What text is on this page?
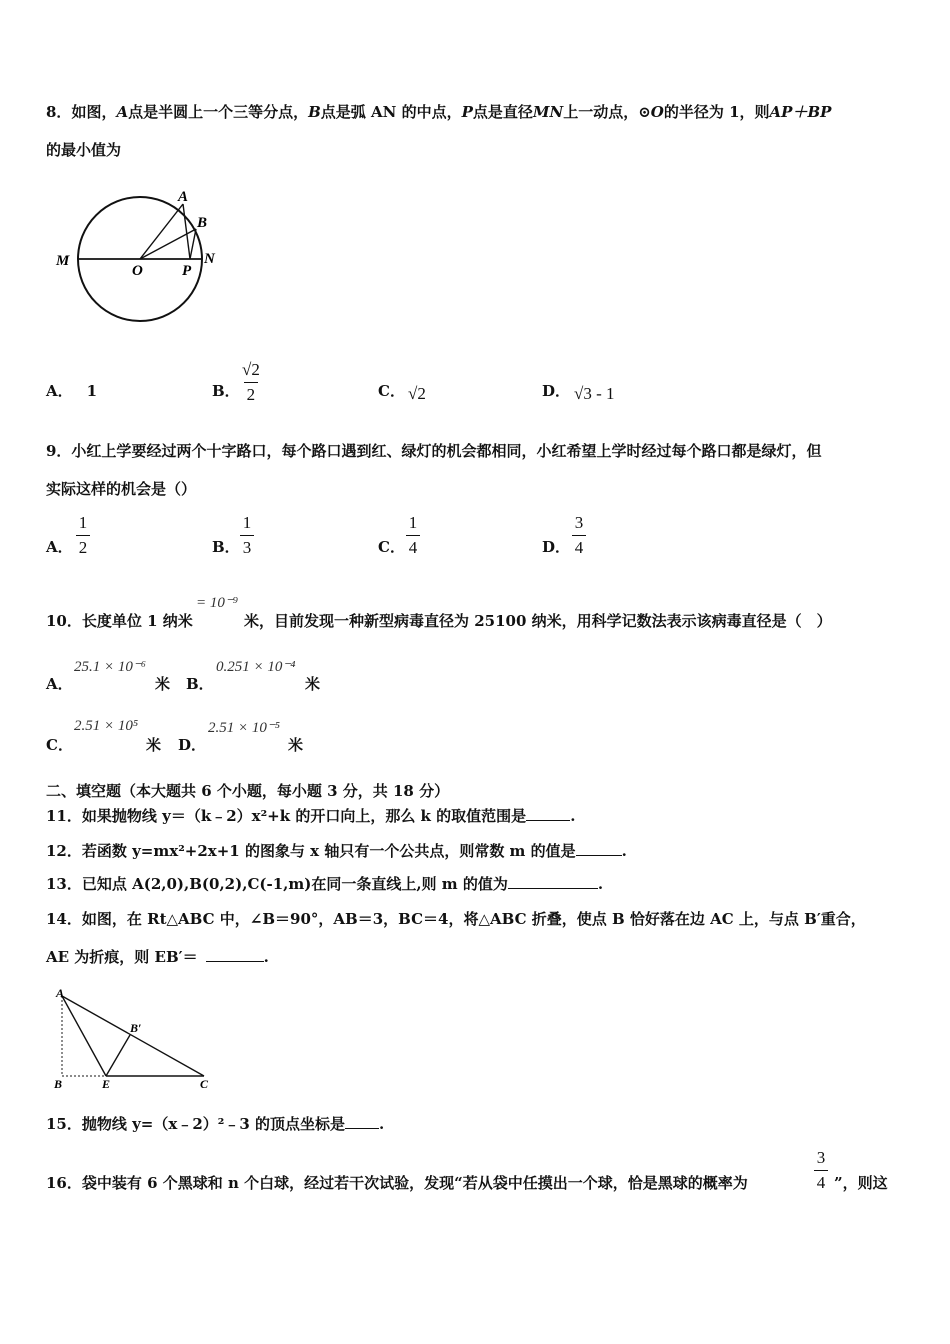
8．如图，A点是半圆上一个三等分点，B点是弧 AN 的中点，P点是直径MN上一动点，⊙O的半径为 1，则AP＋BP
的最小值为
A
B
M
O	P
N
A． 1	B．
√2
2	C． √2	D． √3 - 1
9．小红上学要经过两个十字路口，每个路口遇到红、绿灯的机会都相同，小红希望上学时经过每个路口都是绿灯，但
实际这样的机会是（）
A．
1
2	B．
1
3	C．
1
4	D．
3
4
10．长度单位 1 纳米
= 10⁻⁹
米，目前发现一种新型病毒直径为 25100 纳米，用科学记数法表示该病毒直径是（　）
A．
25.1 × 10⁻⁶
米 B．
0.251 × 10⁻⁴
米
C．
2.51 × 10⁵
米 D．
2.51 × 10⁻⁵
米
二、填空题（本大题共 6 个小题，每小题 3 分，共 18 分）
11．如果抛物线 y＝（k﹣2）x²+k 的开口向上，那么 k 的取值范围是	.
12．若函数 y=mx²+2x+1 的图象与 x 轴只有一个公共点，则常数 m 的值是	.
13．已知点 A(2,0),B(0,2),C(-1,m)在同一条直线上,则 m 的值为	.
14．如图，在 Rt△ABC 中，∠B＝90°，AB＝3，BC＝4，将△ABC 折叠，使点 B 恰好落在边 AC 上，与点 B′重合，
AE 为折痕，则 EB′＝	.
A
B
B′
E	C
15．抛物线 y=（x﹣2）²﹣3 的顶点坐标是 .
16．袋中装有 6 个黑球和 n 个白球，经过若干次试验，发现“若从袋中任摸出一个球，恰是黑球的概率为
3
4 ”，则这
